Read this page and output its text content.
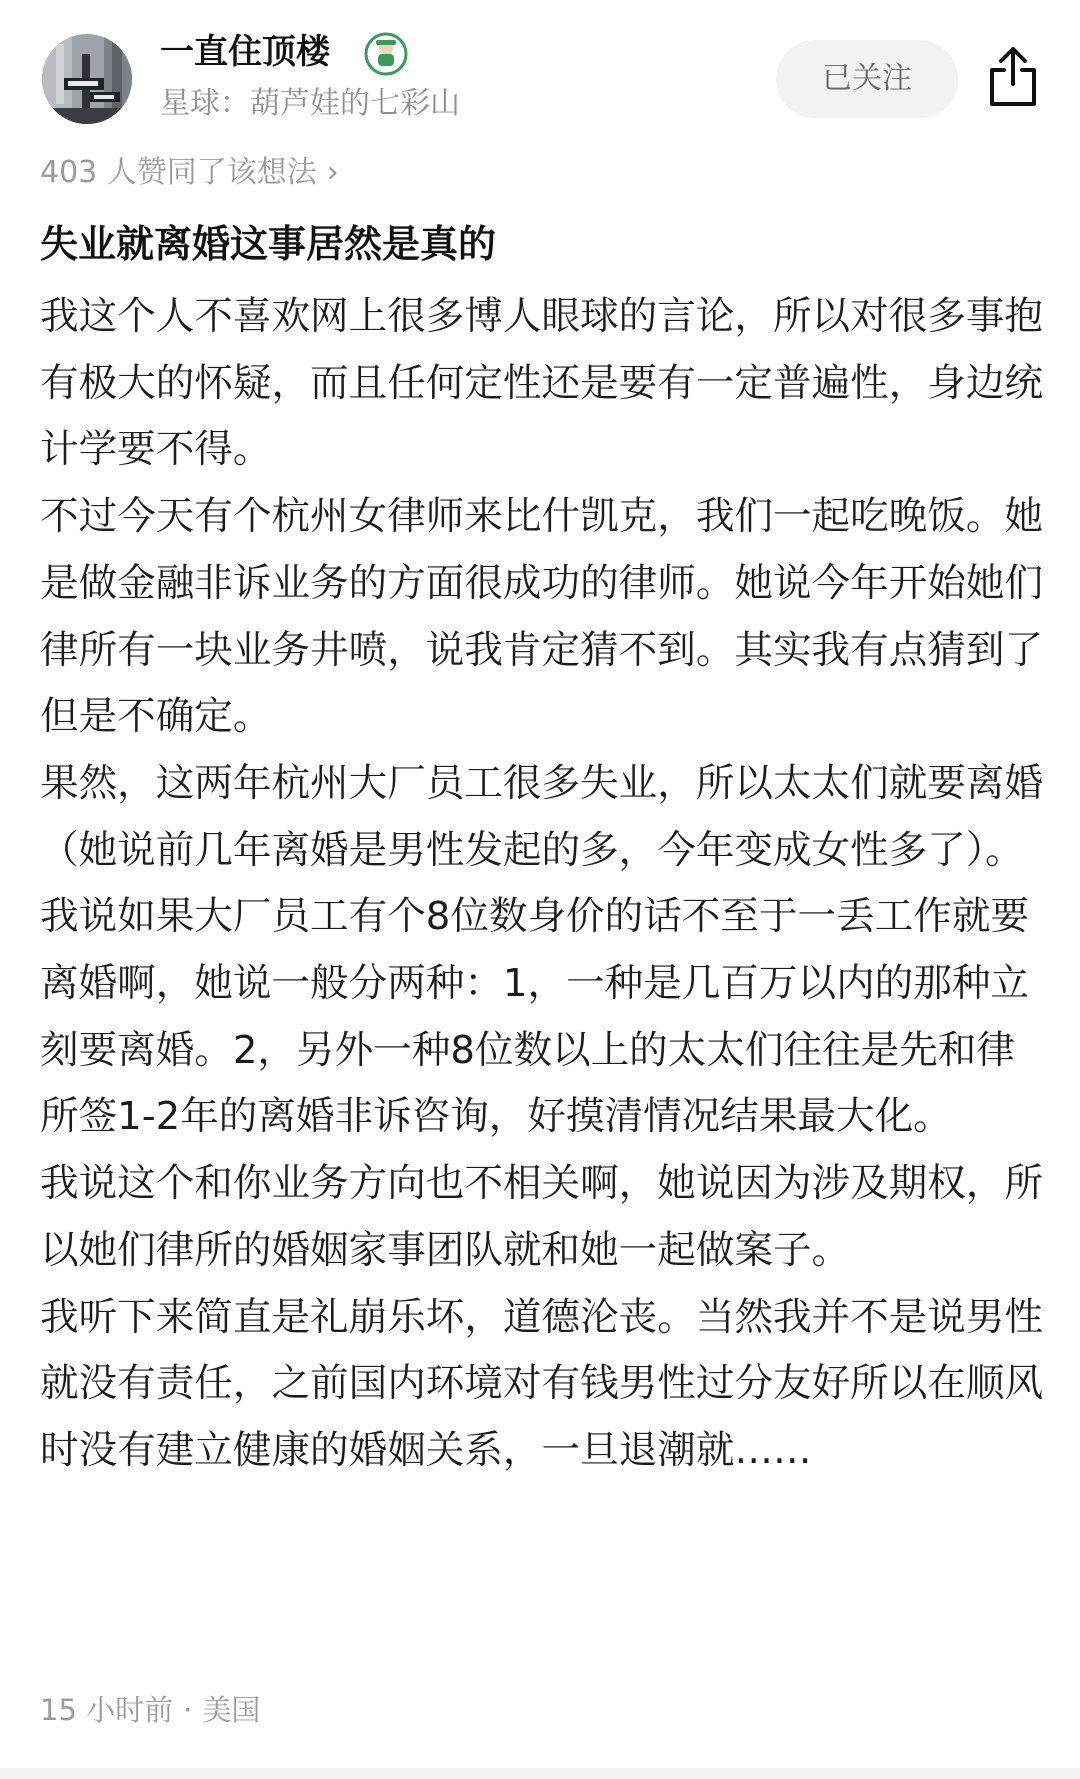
一直住顶楼
星球：葫芦娃的七彩山
已关注
403 人赞同了该想法 ›
失业就离婚这事居然是真的

我这个人不喜欢网上很多博人眼球的言论，所以对很多事抱有极大的怀疑，而且任何定性还是要有一定普遍性，身边统计学要不得。

不过今天有个杭州女律师来比什凯克，我们一起吃晚饭。她是做金融非诉业务的方面很成功的律师。她说今年开始她们律所有一块业务井喷，说我肯定猜不到。其实我有点猜到了但是不确定。

果然，这两年杭州大厂员工很多失业，所以太太们就要离婚（她说前几年离婚是男性发起的多，今年变成女性多了）。我说如果大厂员工有个8位数身价的话不至于一丢工作就要离婚啊，她说一般分两种：1，一种是几百万以内的那种立刻要离婚。2，另外一种8位数以上的太太们往往是先和律所签1-2年的离婚非诉咨询，好摸清情况结果最大化。

我说这个和你业务方向也不相关啊，她说因为涉及期权，所以她们律所的婚姻家事团队就和她一起做案子。

我听下来简直是礼崩乐坏，道德沦丧。当然我并不是说男性就没有责任，之前国内环境对有钱男性过分友好所以在顺风时没有建立健康的婚姻关系，一旦退潮就……

15 小时前 · 美国
